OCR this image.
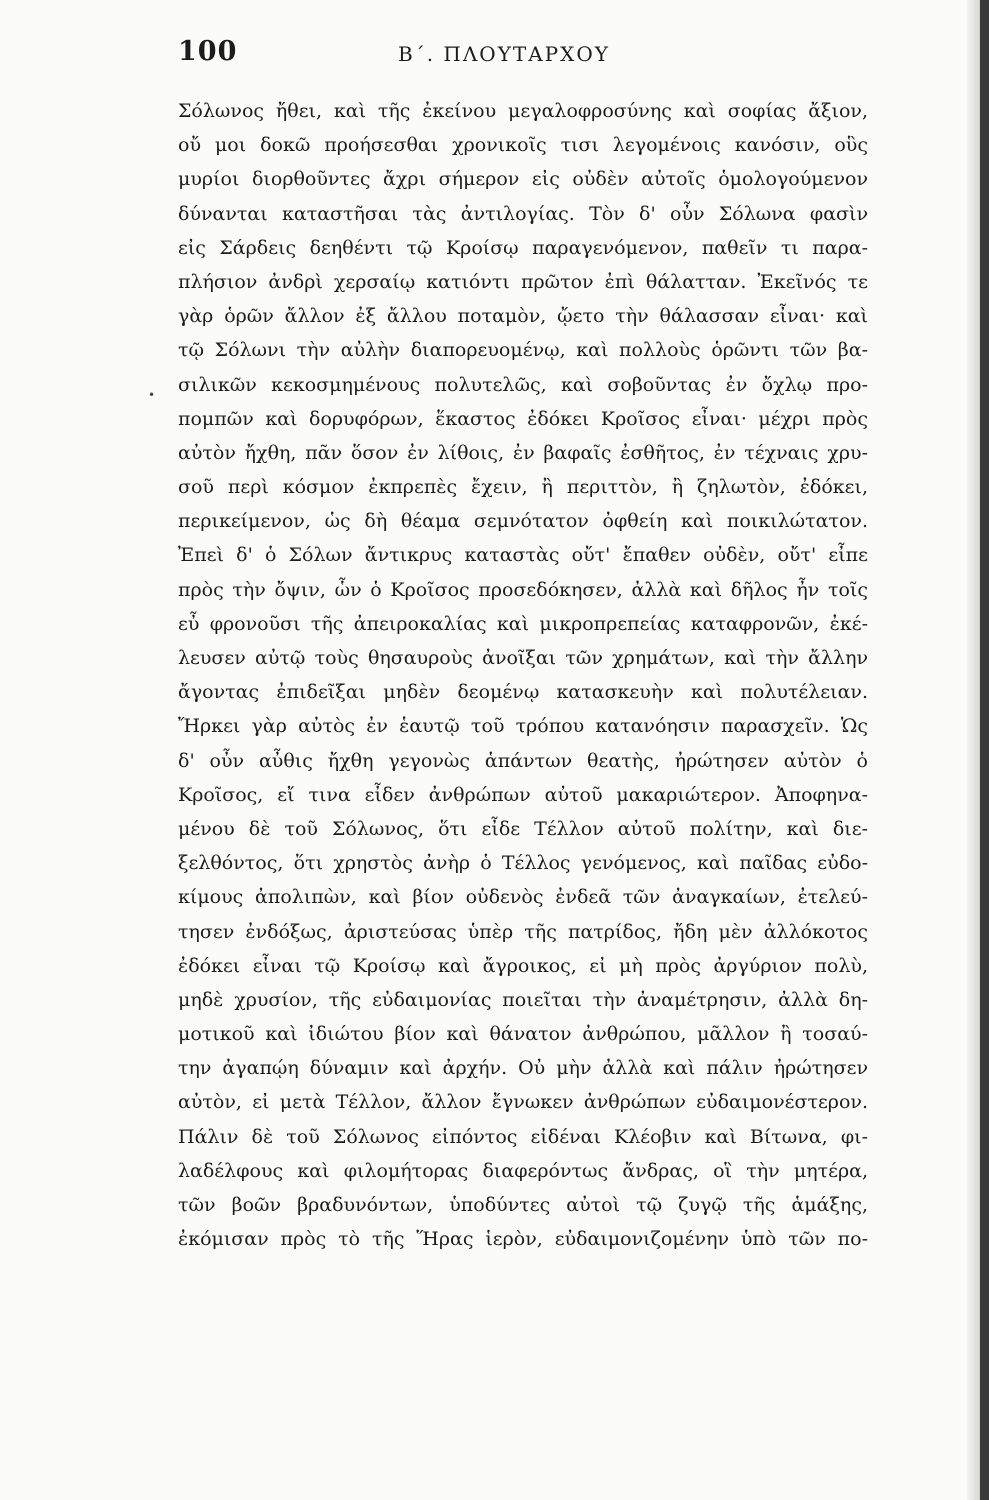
100	Β΄. ΠΛΟΥΤΑΡΧΟΥ
•
Σόλωνος ἤθει, καὶ τῆς ἐκείνου μεγαλοφροσύνης καὶ σοφίας ἄξιον,
οὔ μοι δοκῶ προήσεσθαι χρονικοῖς τισι λεγομένοις κανόσιν, οὓς
μυρίοι διορθοῦντες ἄχρι σήμερον εἰς οὐδὲν αὐτοῖς ὁμολογούμενον
δύνανται καταστῆσαι τὰς ἀντιλογίας. Τὸν δ' οὖν Σόλωνα φασὶν
εἰς Σάρδεις δεηθέντι τῷ Κροίσῳ παραγενόμενον, παθεῖν τι παρα-
πλήσιον ἀνδρὶ χερσαίῳ κατιόντι πρῶτον ἐπὶ θάλατταν. Ἐκεῖνός τε
γὰρ ὁρῶν ἄλλον ἐξ ἄλλου ποταμὸν, ᾤετο τὴν θάλασσαν εἶναι· καὶ
τῷ Σόλωνι τὴν αὐλὴν διαπορευομένῳ, καὶ πολλοὺς ὁρῶντι τῶν βα-
σιλικῶν κεκοσμημένους πολυτελῶς, καὶ σοβοῦντας ἐν ὄχλῳ προ-
πομπῶν καὶ δορυφόρων, ἕκαστος ἐδόκει Κροῖσος εἶναι· μέχρι πρὸς
αὐτὸν ἤχθη, πᾶν ὅσον ἐν λίθοις, ἐν βαφαῖς ἐσθῆτος, ἐν τέχναις χρυ-
σοῦ περὶ κόσμον ἐκπρεπὲς ἔχειν, ἢ περιττὸν, ἢ ζηλωτὸν, ἐδόκει,
περικείμενον, ὡς δὴ θέαμα σεμνότατον ὀφθείη καὶ ποικιλώτατον.
Ἐπεὶ δ' ὁ Σόλων ἄντικρυς καταστὰς οὔτ' ἔπαθεν οὐδὲν, οὔτ' εἶπε
πρὸς τὴν ὄψιν, ὧν ὁ Κροῖσος προσεδόκησεν, ἀλλὰ καὶ δῆλος ἦν τοῖς
εὖ φρονοῦσι τῆς ἀπειροκαλίας καὶ μικροπρεπείας καταφρονῶν, ἐκέ-
λευσεν αὐτῷ τοὺς θησαυροὺς ἀνοῖξαι τῶν χρημάτων, καὶ τὴν ἄλλην
ἄγοντας ἐπιδεῖξαι μηδὲν δεομένῳ κατασκευὴν καὶ πολυτέλειαν.
Ἤρκει γὰρ αὐτὸς ἐν ἑαυτῷ τοῦ τρόπου κατανόησιν παρασχεῖν. Ὡς
δ' οὖν αὖθις ἤχθη γεγονὼς ἁπάντων θεατὴς, ἠρώτησεν αὐτὸν ὁ
Κροῖσος, εἴ τινα εἶδεν ἀνθρώπων αὐτοῦ μακαριώτερον. Ἀποφηνα-
μένου δὲ τοῦ Σόλωνος, ὅτι εἶδε Τέλλον αὐτοῦ πολίτην, καὶ διε-
ξελθόντος, ὅτι χρηστὸς ἀνὴρ ὁ Τέλλος γενόμενος, καὶ παῖδας εὐδο-
κίμους ἀπολιπὼν, καὶ βίον οὐδενὸς ἐνδεᾶ τῶν ἀναγκαίων, ἐτελεύ-
τησεν ἐνδόξως, ἀριστεύσας ὑπὲρ τῆς πατρίδος, ἤδη μὲν ἀλλόκοτος
ἐδόκει εἶναι τῷ Κροίσῳ καὶ ἄγροικος, εἰ μὴ πρὸς ἀργύριον πολὺ,
μηδὲ χρυσίον, τῆς εὐδαιμονίας ποιεῖται τὴν ἀναμέτρησιν, ἀλλὰ δη-
μοτικοῦ καὶ ἰδιώτου βίον καὶ θάνατον ἀνθρώπου, μᾶλλον ἢ τοσαύ-
την ἀγαπῴη δύναμιν καὶ ἀρχήν. Οὐ μὴν ἀλλὰ καὶ πάλιν ἠρώτησεν
αὐτὸν, εἰ μετὰ Τέλλον, ἄλλον ἔγνωκεν ἀνθρώπων εὐδαιμονέστερον.
Πάλιν δὲ τοῦ Σόλωνος εἰπόντος εἰδέναι Κλέοβιν καὶ Βίτωνα, φι-
λαδέλφους καὶ φιλομήτορας διαφερόντως ἄνδρας, οἳ τὴν μητέρα,
τῶν βοῶν βραδυνόντων, ὑποδύντες αὐτοὶ τῷ ζυγῷ τῆς ἁμάξης,
ἐκόμισαν πρὸς τὸ τῆς Ἥρας ἱερὸν, εὐδαιμονιζομένην ὑπὸ τῶν πο-
